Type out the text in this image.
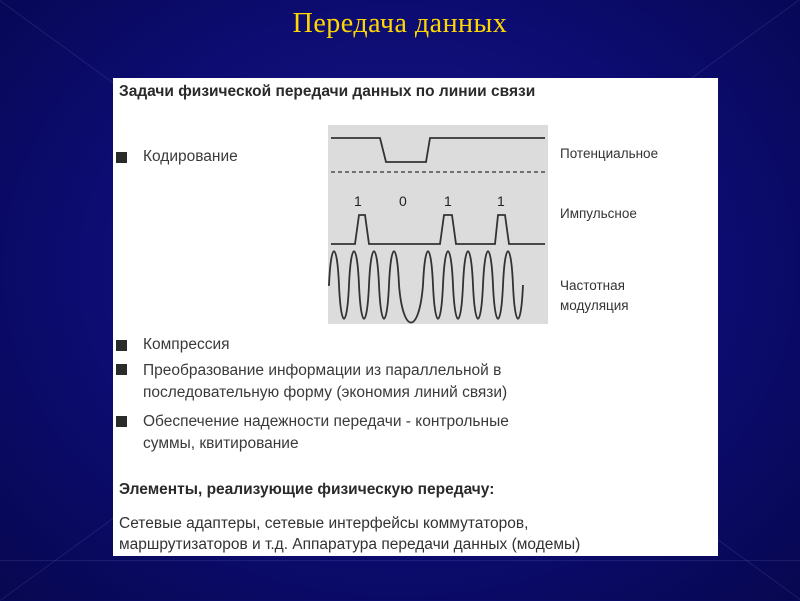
Передача данных
Задачи физической передачи данных по линии связи
Кодирование
1	0	1	1
Потенциальное
Импульсное
Частотная
модуляция
Компрессия
Преобразование информации из параллельной в
последовательную форму (экономия линий связи)
Обеспечение надежности передачи - контрольные
суммы, квитирование
Элементы, реализующие физическую передачу:
Сетевые адаптеры, сетевые интерфейсы коммутаторов,
маршрутизаторов и т.д. Аппаратура передачи данных (модемы)
